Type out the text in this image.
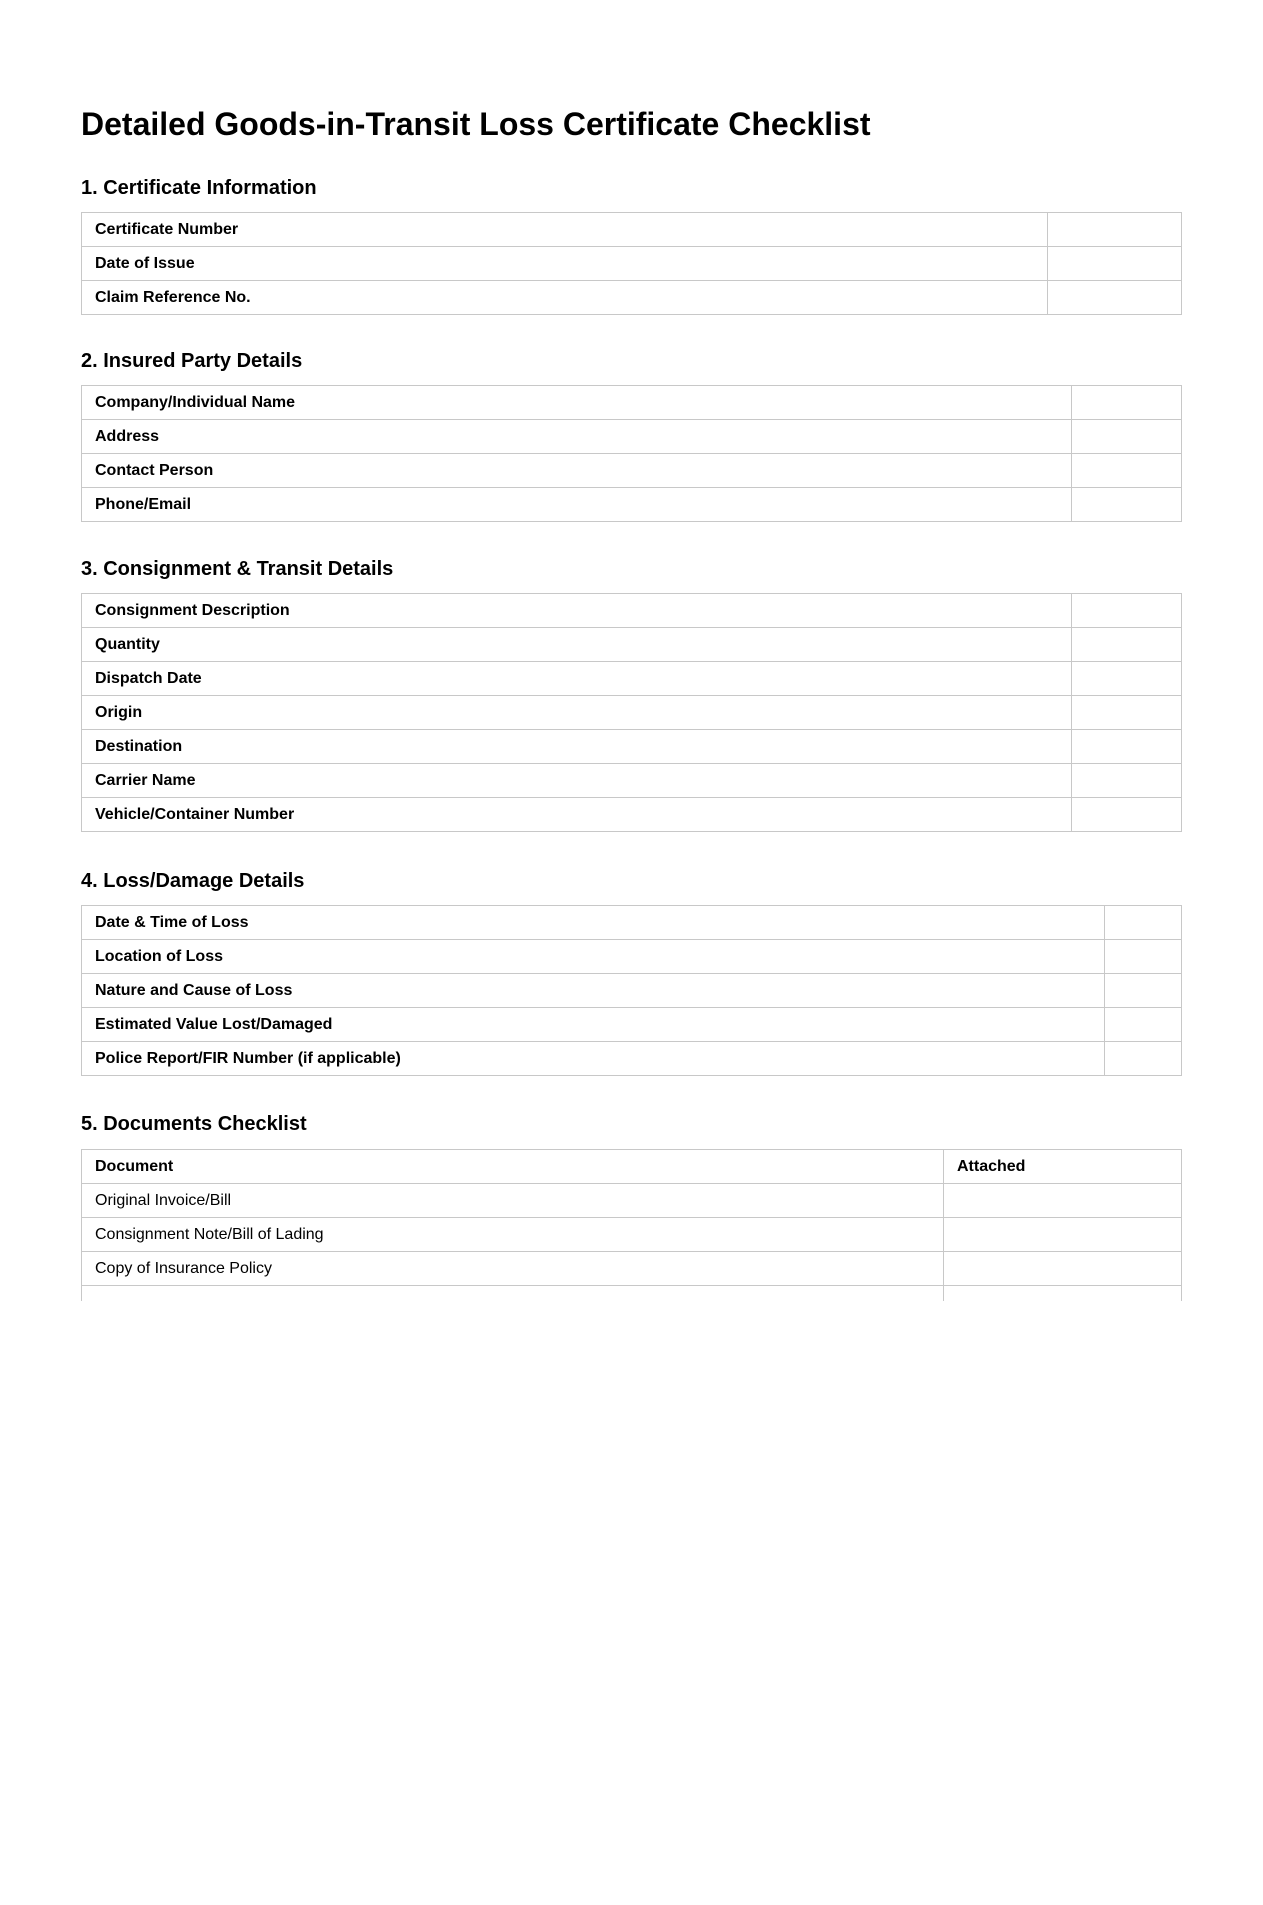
Detailed Goods-in-Transit Loss Certificate Checklist
1. Certificate Information
Certificate Number	
Date of Issue	
Claim Reference No.	
2. Insured Party Details
Company/Individual Name	
Address	
Contact Person	
Phone/Email	
3. Consignment & Transit Details
Consignment Description	
Quantity	
Dispatch Date	
Origin	
Destination	
Carrier Name	
Vehicle/Container Number	
4. Loss/Damage Details
Date & Time of Loss	
Location of Loss	
Nature and Cause of Loss	
Estimated Value Lost/Damaged	
Police Report/FIR Number (if applicable)	
5. Documents Checklist
Document	Attached
Original Invoice/Bill	
Consignment Note/Bill of Lading	
Copy of Insurance Policy	
